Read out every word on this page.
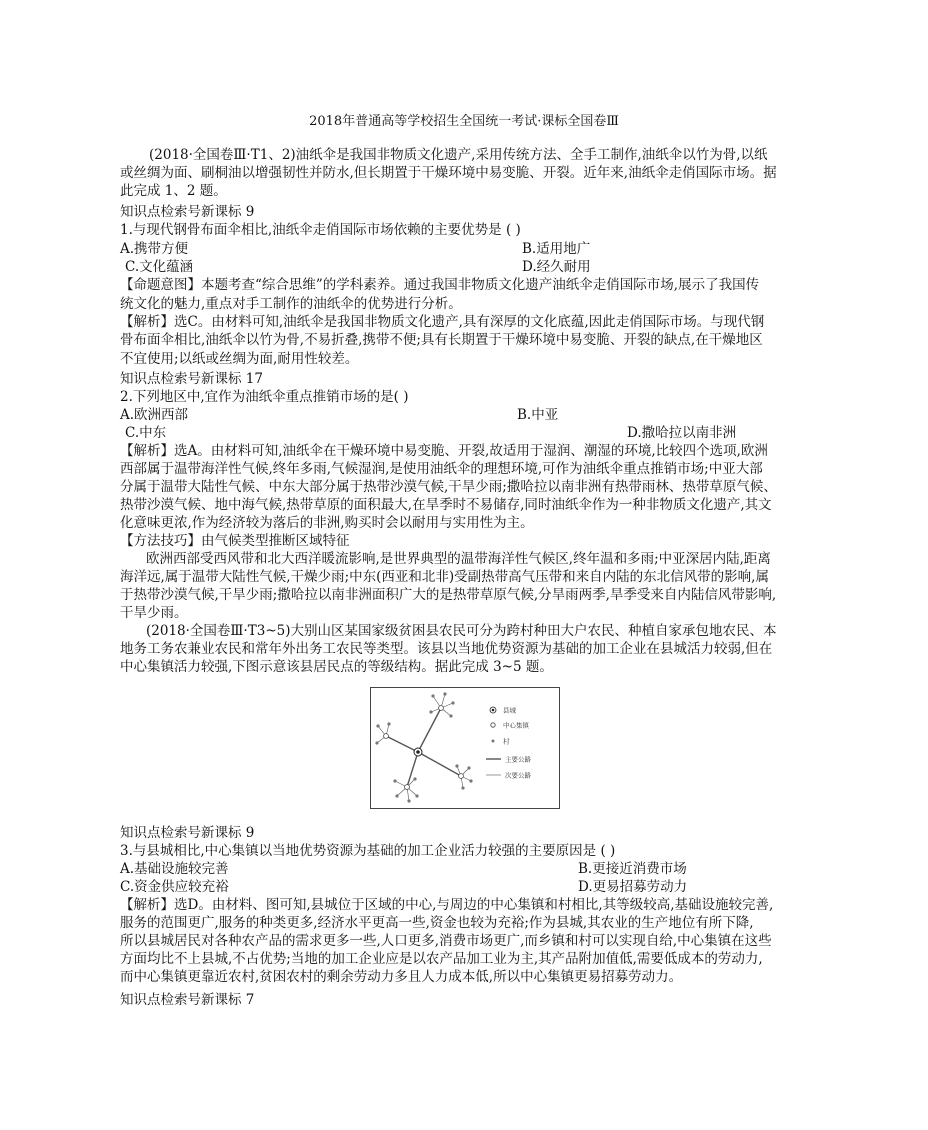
2018年普通高等学校招生全国统一考试·课标全国卷Ⅲ
(2018·全国卷Ⅲ·T1、2)油纸伞是我国非物质文化遗产,采用传统方法、全手工制作,油纸伞以竹为骨,以纸
或丝绸为面、刷桐油以增强韧性并防水,但长期置于干燥环境中易变脆、开裂。近年来,油纸伞走俏国际市场。据
此完成 1、2 题。
知识点检索号新课标 9
1.与现代钢骨布面伞相比,油纸伞走俏国际市场依赖的主要优势是 ( )
A.携带方便	B.适用地广
C.文化蕴涵	D.经久耐用
【命题意图】本题考查“综合思维”的学科素养。通过我国非物质文化遗产油纸伞走俏国际市场,展示了我国传
统文化的魅力,重点对手工制作的油纸伞的优势进行分析。
【解析】选C。由材料可知,油纸伞是我国非物质文化遗产,具有深厚的文化底蕴,因此走俏国际市场。与现代钢
骨布面伞相比,油纸伞以竹为骨,不易折叠,携带不便;具有长期置于干燥环境中易变脆、开裂的缺点,在干燥地区
不宜使用;以纸或丝绸为面,耐用性较差。
知识点检索号新课标 17
2.下列地区中,宜作为油纸伞重点推销市场的是( )
A.欧洲西部	B.中亚
C.中东	D.撒哈拉以南非洲
【解析】选A。由材料可知,油纸伞在干燥环境中易变脆、开裂,故适用于湿润、潮湿的环境,比较四个选项,欧洲
西部属于温带海洋性气候,终年多雨,气候湿润,是使用油纸伞的理想环境,可作为油纸伞重点推销市场;中亚大部
分属于温带大陆性气候、中东大部分属于热带沙漠气候,干旱少雨;撒哈拉以南非洲有热带雨林、热带草原气候、
热带沙漠气候、地中海气候,热带草原的面积最大,在旱季时不易储存,同时油纸伞作为一种非物质文化遗产,其文
化意味更浓,作为经济较为落后的非洲,购买时会以耐用与实用性为主。
【方法技巧】由气候类型推断区域特征
欧洲西部受西风带和北大西洋暖流影响,是世界典型的温带海洋性气候区,终年温和多雨;中亚深居内陆,距离
海洋远,属于温带大陆性气候,干燥少雨;中东(西亚和北非)受副热带高气压带和来自内陆的东北信风带的影响,属
于热带沙漠气候,干旱少雨;撒哈拉以南非洲面积广大的是热带草原气候,分旱雨两季,旱季受来自内陆信风带影响,
干旱少雨。
(2018·全国卷Ⅲ·T3~5)大别山区某国家级贫困县农民可分为跨村种田大户农民、种植自家承包地农民、本
地务工务农兼业农民和常年外出务工农民等类型。该县以当地优势资源为基础的加工企业在县城活力较弱,但在
中心集镇活力较强,下图示意该县居民点的等级结构。据此完成 3~5 题。
县城
中心集镇
村
主要公路
次要公路
知识点检索号新课标 9
3.与县城相比,中心集镇以当地优势资源为基础的加工企业活力较强的主要原因是 ( )
A.基础设施较完善	B.更接近消费市场
C.资金供应较充裕	D.更易招募劳动力
【解析】选D。由材料、图可知,县城位于区域的中心,与周边的中心集镇和村相比,其等级较高,基础设施较完善,
服务的范围更广,服务的种类更多,经济水平更高一些,资金也较为充裕;作为县城,其农业的生产地位有所下降,
所以县城居民对各种农产品的需求更多一些,人口更多,消费市场更广,而乡镇和村可以实现自给,中心集镇在这些
方面均比不上县城,不占优势;当地的加工企业应是以农产品加工业为主,其产品附加值低,需要低成本的劳动力,
而中心集镇更靠近农村,贫困农村的剩余劳动力多且人力成本低,所以中心集镇更易招募劳动力。
知识点检索号新课标 7
